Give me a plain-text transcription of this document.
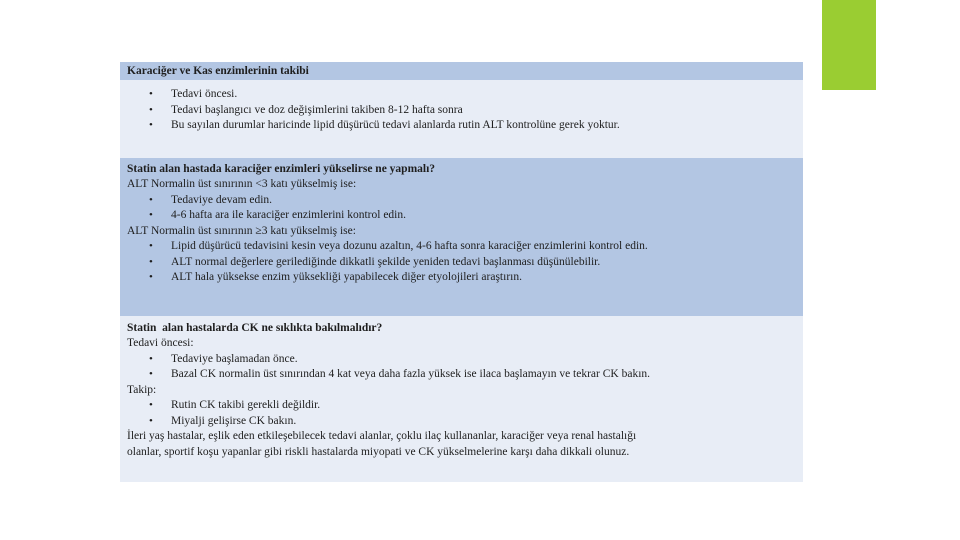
Karaciğer ve Kas enzimlerinin takibi

• Tedavi öncesi.

• Tedavi başlangıcı ve doz değişimlerini takiben 8-12 hafta sonra

• Bu sayılan durumlar haricinde lipid düşürücü tedavi alanlarda rutin ALT kontrolüne gerek yoktur.

Statin alan hastada karaciğer enzimleri yükselirse ne yapmalı?

ALT Normalin üst sınırının <3 katı yükselmiş ise:

• Tedaviye devam edin.

• 4-6 hafta ara ile karaciğer enzimlerini kontrol edin.

ALT Normalin üst sınırının ≥3 katı yükselmiş ise:

• Lipid düşürücü tedavisini kesin veya dozunu azaltın, 4-6 hafta sonra karaciğer enzimlerini kontrol edin.

• ALT normal değerlere gerilediğinde dikkatli şekilde yeniden tedavi başlanması düşünülebilir.

• ALT hala yüksekse enzim yüksekliği yapabilecek diğer etyolojileri araştırın.

Statin  alan hastalarda CK ne sıklıkta bakılmalıdır?

Tedavi öncesi:

• Tedaviye başlamadan önce.

• Bazal CK normalin üst sınırından 4 kat veya daha fazla yüksek ise ilaca başlamayın ve tekrar CK bakın.

Takip:

• Rutin CK takibi gerekli değildir.

• Miyalji gelişirse CK bakın.

İleri yaş hastalar, eşlik eden etkileşebilecek tedavi alanlar, çoklu ilaç kullananlar, karaciğer veya renal hastalığı

olanlar, sportif koşu yapanlar gibi riskli hastalarda miyopati ve CK yükselmelerine karşı daha dikkali olunuz.
